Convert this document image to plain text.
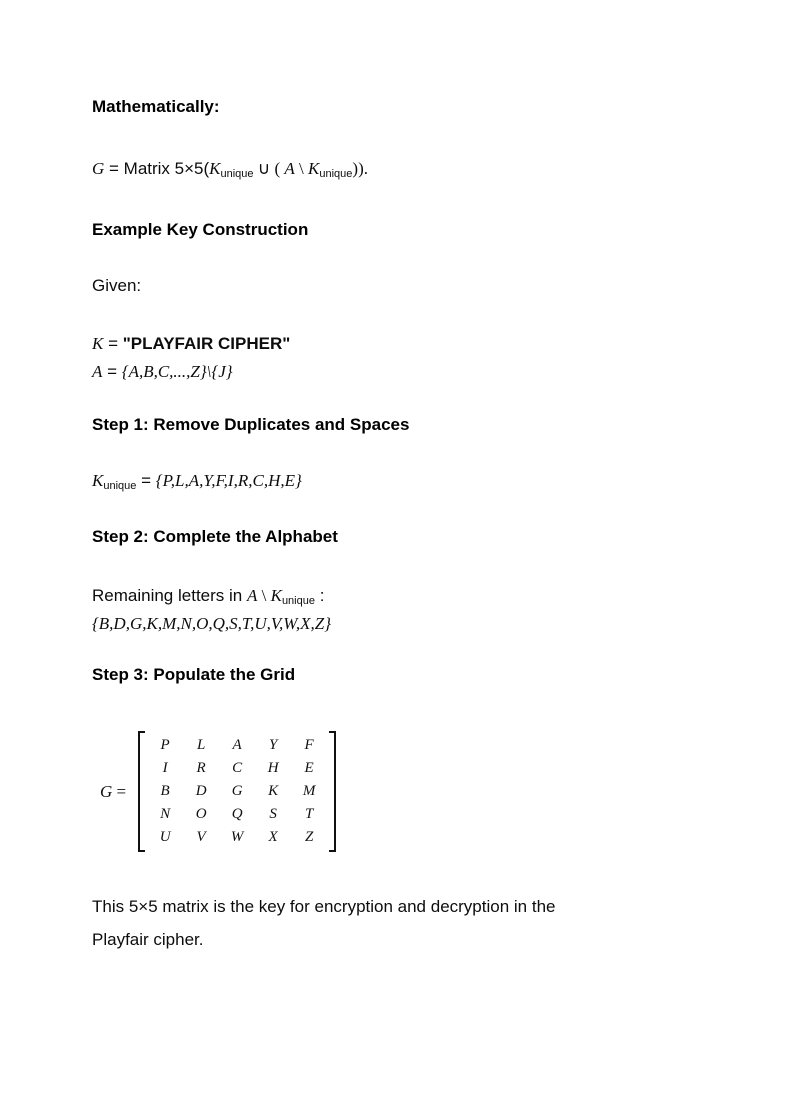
Mathematically:
G = Matrix $5\times 5(K_{unique}$ ∪ ( A \ $K_{unique}$)).
Example Key Construction
Given:
K = "PLAYFAIR CIPHER"
A = {A,B,C,...,Z}\{J}
Step 1: Remove Duplicates and Spaces
$K_{unique} = \{P,L,A,Y,F,I,R,C,H,E\}$
Step 2: Complete the Alphabet
Remaining letters in A \ $K_{unique}$ :
{B,D,G,K,M,N,O,Q,S,T,U,V,W,X,Z}
Step 3: Populate the Grid
G =
P	L	A	Y	F
I	R	C	H	E
B	D	G	K	M
N	O	Q	S	T
U	V	W	X	Z
This 5×5 matrix is the key for encryption and decryption in the
Playfair cipher.
